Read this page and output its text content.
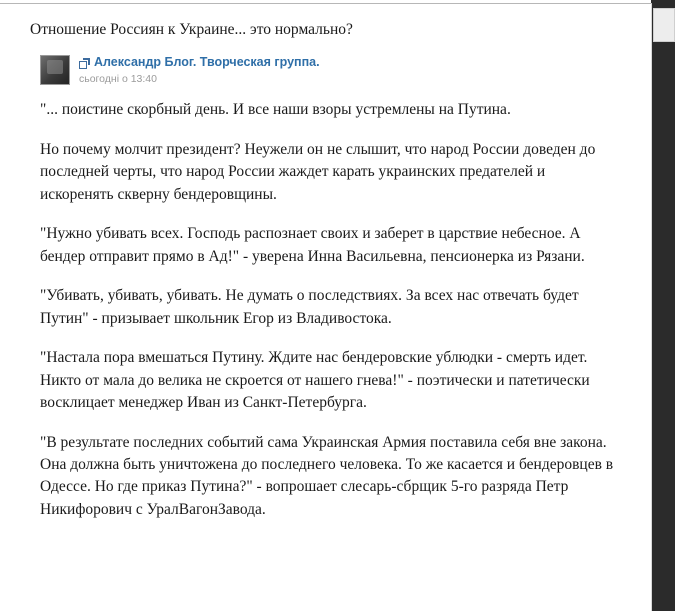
Отношение Россиян к Украине... это нормально?
Александр Блог. Творческая группа.
сьогодні о 13:40

"... поистине скорбный день. И все наши взоры устремлены на Путина.

Но почему молчит президент? Неужели он не слышит, что народ России доведен до последней черты, что народ России жаждет карать украинских предателей и искоренять скверну бендеровщины.

"Нужно убивать всех. Господь распознает своих и заберет в царствие небесное. А бендер отправит прямо в Ад!" - уверена Инна Васильевна, пенсионерка из Рязани.

"Убивать, убивать, убивать. Не думать о последствиях. За всех нас отвечать будет Путин" - призывает школьник Егор из Владивостока.

"Настала пора вмешаться Путину. Ждите нас бендеровские ублюдки - смерть идет. Никто от мала до велика не скроется от нашего гнева!" - поэтически и патетически восклицает менеджер Иван из Санкт-Петербурга.

"В результате последних событий сама Украинская Армия поставила себя вне закона. Она должна быть уничтожена до последнего человека. То же касается и бендеровцев в Одессе. Но где приказ Путина?" - вопрошает слесарь-сбрщик 5-го разряда Петр Никифорович с УралВагонЗавода.
